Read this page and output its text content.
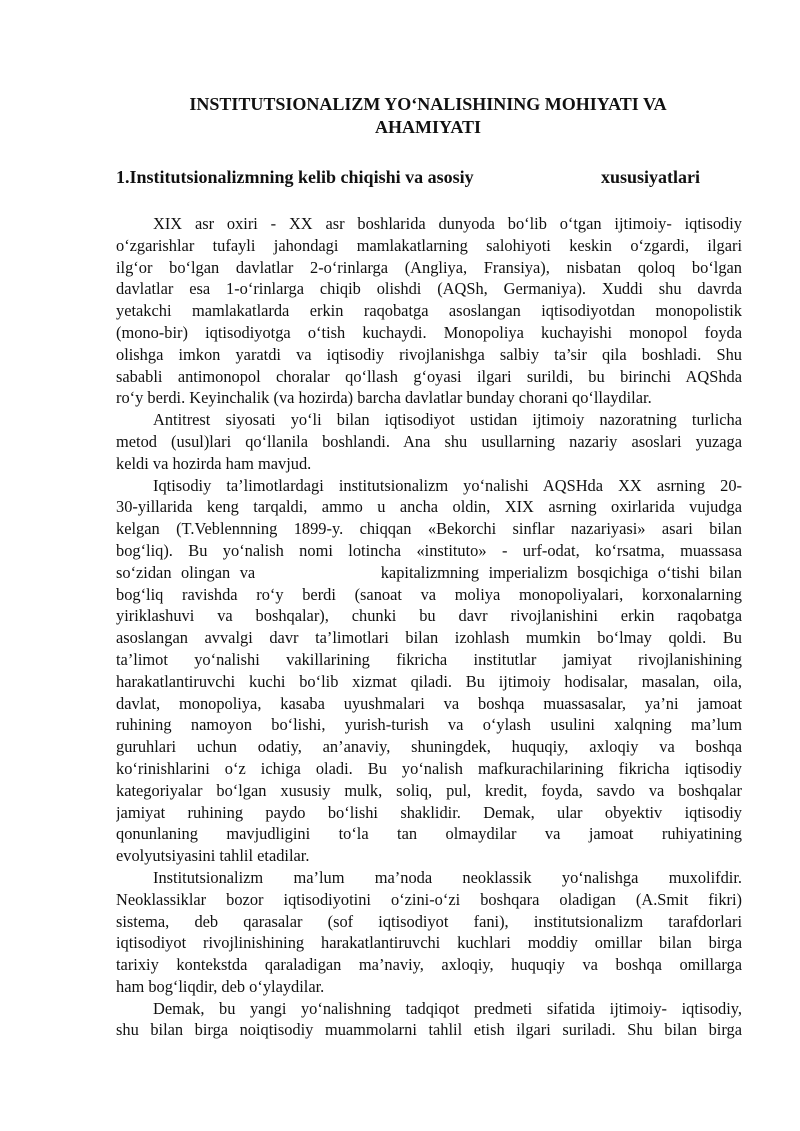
INSTITUTSIONALIZM YO‘NALISHINING MOHIYATI VA
AHAMIYATI
1.Institutsionalizmning kelib chiqishi va asosiy	xususiyatlari
XIX asr oxiri - XX asr boshlarida dunyoda bo‘lib o‘tgan ijtimoiy- iqtisodiy
o‘zgarishlar tufayli jahondagi mamlakatlarning salohiyoti keskin o‘zgardi, ilgari
ilg‘or bo‘lgan davlatlar 2-o‘rinlarga (Angliya, Fransiya), nisbatan qoloq bo‘lgan
davlatlar esa 1-o‘rinlarga chiqib olishdi (AQSh, Germaniya). Xuddi shu davrda
yetakchi mamlakatlarda erkin raqobatga asoslangan iqtisodiyotdan monopolistik
(mono-bir) iqtisodiyotga o‘tish kuchaydi. Monopoliya kuchayishi monopol foyda
olishga imkon yaratdi va iqtisodiy rivojlanishga salbiy ta’sir qila boshladi. Shu
sababli antimonopol choralar qo‘llash g‘oyasi ilgari surildi, bu birinchi AQShda
ro‘y berdi. Keyinchalik (va hozirda) barcha davlatlar bunday chorani qo‘llaydilar.
Antitrest siyosati yo‘li bilan iqtisodiyot ustidan ijtimoiy nazoratning turlicha
metod (usul)lari qo‘llanila boshlandi. Ana shu usullarning nazariy asoslari yuzaga
keldi va hozirda ham mavjud.
Iqtisodiy ta’limotlardagi institutsionalizm yo‘nalishi AQSHda XX asrning 20-
30-yillarida keng tarqaldi, ammo u ancha oldin, XIX asrning oxirlarida vujudga
kelgan (T.Veblennning 1899-y. chiqqan «Bekorchi sinflar nazariyasi» asari bilan
bog‘liq). Bu yo‘nalish nomi lotincha «instituto» - urf-odat, ko‘rsatma, muassasa
so‘zidan olingan va	kapitalizmning imperializm bosqichiga o‘tishi bilan
bog‘liq ravishda ro‘y berdi (sanoat va moliya monopoliyalari, korxonalarning
yiriklashuvi va boshqalar), chunki bu davr rivojlanishini erkin raqobatga
asoslangan avvalgi davr ta’limotlari bilan izohlash mumkin bo‘lmay qoldi. Bu
ta’limot yo‘nalishi vakillarining fikricha institutlar jamiyat rivojlanishining
harakatlantiruvchi kuchi bo‘lib xizmat qiladi. Bu ijtimoiy hodisalar, masalan, oila,
davlat, monopoliya, kasaba uyushmalari va boshqa muassasalar, ya’ni jamoat
ruhining namoyon bo‘lishi, yurish-turish va o‘ylash usulini xalqning ma’lum
guruhlari uchun odatiy, an’anaviy, shuningdek, huquqiy, axloqiy va boshqa
ko‘rinishlarini o‘z ichiga oladi. Bu yo‘nalish mafkurachilarining fikricha iqtisodiy
kategoriyalar bo‘lgan xususiy mulk, soliq, pul, kredit, foyda, savdo va boshqalar
jamiyat ruhining paydo bo‘lishi shaklidir. Demak, ular obyektiv iqtisodiy
qonunlaning mavjudligini to‘la tan olmaydilar va jamoat ruhiyatining
evolyutsiyasini tahlil etadilar.
Institutsionalizm ma’lum ma’noda neoklassik yo‘nalishga muxolifdir.
Neoklassiklar bozor iqtisodiyotini o‘zini-o‘zi boshqara oladigan (A.Smit fikri)
sistema, deb qarasalar (sof iqtisodiyot fani), institutsionalizm tarafdorlari
iqtisodiyot rivojlinishining harakatlantiruvchi kuchlari moddiy omillar bilan birga
tarixiy kontekstda qaraladigan ma’naviy, axloqiy, huquqiy va boshqa omillarga
ham bog‘liqdir, deb o‘ylaydilar.
Demak, bu yangi yo‘nalishning tadqiqot predmeti sifatida ijtimoiy- iqtisodiy,
shu bilan birga noiqtisodiy muammolarni tahlil etish ilgari suriladi. Shu bilan birga
